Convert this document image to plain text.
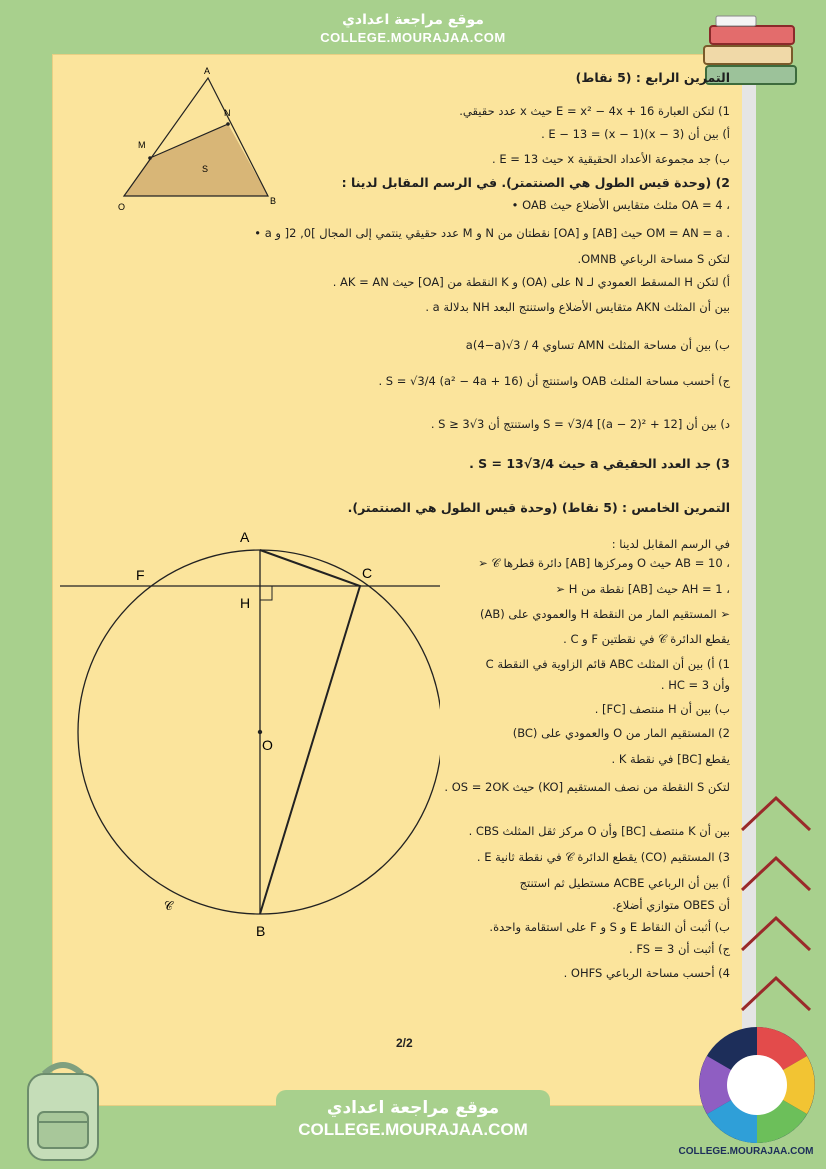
موقع مراجعة اعدادي
COLLEGE.MOURAJAA.COM
A
N
M
S
O
B
التمرين الرابع : (5 نقاط)
1) لتكن العبارة E = x² − 4x + 16 حيث x عدد حقيقي.
أ) بين أن E − 13 = (x − 1)(x − 3) .
ب) جد مجموعة الأعداد الحقيقية x حيث E = 13 .
2) (وحدة قيس الطول هي الصنتمتر). في الرسم المقابل لدينا :
• OAB مثلث متقايس الأضلاع حيث OA = 4 ،
• a عدد حقيقي ينتمي إلى المجال ]0, 2[ و M و N نقطتان من [OA] و [AB] حيث OM = AN = a .
لتكن S مساحة الرباعي OMNB.
أ) لتكن H المسقط العمودي لـ N على (OA) و K النقطة من [OA] حيث AK = AN .
بين أن المثلث AKN متقايس الأضلاع واستنتج البعد NH بدلالة a .
ب) بين أن مساحة المثلث AMN تساوي a(4−a)√3 / 4
ج) أحسب مساحة المثلث OAB واستنتج أن S = √3/4 (a² − 4a + 16) .
د) بين أن S = √3/4 [(a − 2)² + 12] واستنتج أن S ≥ 3√3 .
3) جد العدد الحقيقي a حيث S = 13√3/4 .
التمرين الخامس : (5 نقاط) (وحدة قيس الطول هي الصنتمتر).
A
F	C
H
O
B
𝒞
في الرسم المقابل لدينا :
➢ 𝒞 دائرة قطرها [AB] ومركزها O حيث AB = 10 ،
➢ H نقطة من [AB] حيث AH = 1 ،
➢ المستقيم المار من النقطة H والعمودي على (AB)
يقطع الدائرة 𝒞 في نقطتين F و C .
1) أ) بين أن المثلث ABC قائم الزاوية في النقطة C
وأن HC = 3 .
ب) بين أن H منتصف [FC] .
2) المستقيم المار من O والعمودي على (BC)
يقطع [BC] في نقطة K .
لتكن S النقطة من نصف المستقيم [KO) حيث OS = 2OK .
بين أن K منتصف [BC] وأن O مركز ثقل المثلث CBS .
3) المستقيم (CO) يقطع الدائرة 𝒞 في نقطة ثانية E .
أ) بين أن الرباعي ACBE مستطيل ثم استنتج
أن OBES متوازي أضلاع.
ب) أثبت أن النقاط E و S و F على استقامة واحدة.
ج) أثبت أن FS = 3 .
4) أحسب مساحة الرباعي OHFS .
2/2
موقع مراجعة اعدادي
COLLEGE.MOURAJAA.COM
COLLEGE.MOURAJAA.COM
